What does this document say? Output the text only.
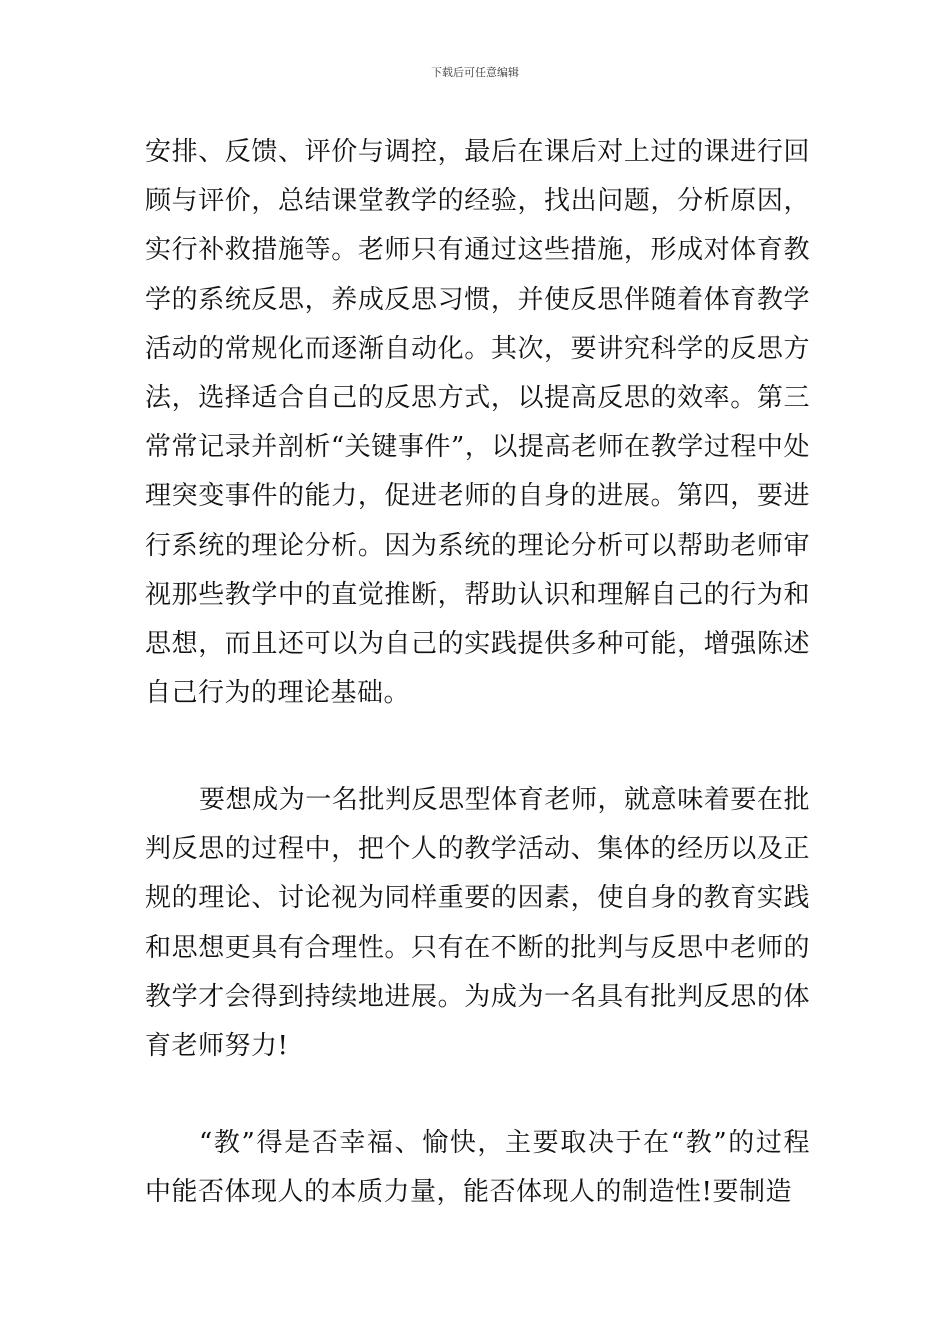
下载后可任意编辑

安排、反馈、评价与调控，最后在课后对上过的课进行回顾与评价，总结课堂教学的经验，找出问题，分析原因，实行补救措施等。老师只有通过这些措施，形成对体育教学的系统反思，养成反思习惯，并使反思伴随着体育教学活动的常规化而逐渐自动化。其次，要讲究科学的反思方法，选择适合自己的反思方式，以提高反思的效率。第三常常记录并剖析“关键事件”，以提高老师在教学过程中处理突变事件的能力，促进老师的自身的进展。第四，要进行系统的理论分析。因为系统的理论分析可以帮助老师审视那些教学中的直觉推断，帮助认识和理解自己的行为和思想，而且还可以为自己的实践提供多种可能，增强陈述自己行为的理论基础。

要想成为一名批判反思型体育老师，就意味着要在批判反思的过程中，把个人的教学活动、集体的经历以及正规的理论、讨论视为同样重要的因素，使自身的教育实践和思想更具有合理性。只有在不断的批判与反思中老师的教学才会得到持续地进展。为成为一名具有批判反思的体育老师努力!

“教”得是否幸福、愉快，主要取决于在“教”的过程中能否体现人的本质力量，能否体现人的制造性!要制造
